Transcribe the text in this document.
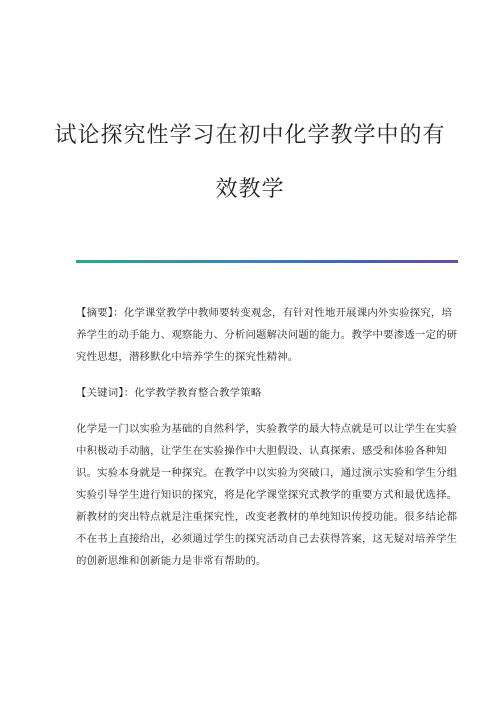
试论探究性学习在初中化学教学中的有
效教学

【摘要】：化学课堂教学中教师要转变观念，有针对性地开展课内外实验探究，培养学生的动手能力、观察能力、分析问题解决问题的能力。教学中要渗透一定的研究性思想，潜移默化中培养学生的探究性精神。

【关键词】：化学教学教育整合教学策略

化学是一门以实验为基础的自然科学，实验教学的最大特点就是可以让学生在实验中积极动手动脑，让学生在实验操作中大胆假设、认真探索、感受和体验各种知识。实验本身就是一种探究。在教学中以实验为突破口，通过演示实验和学生分组实验引导学生进行知识的探究，将是化学课堂探究式教学的重要方式和最优选择。新教材的突出特点就是注重探究性，改变老教材的单纯知识传授功能。很多结论都不在书上直接给出，必须通过学生的探究活动自己去获得答案，这无疑对培养学生的创新思维和创新能力是非常有帮助的。
